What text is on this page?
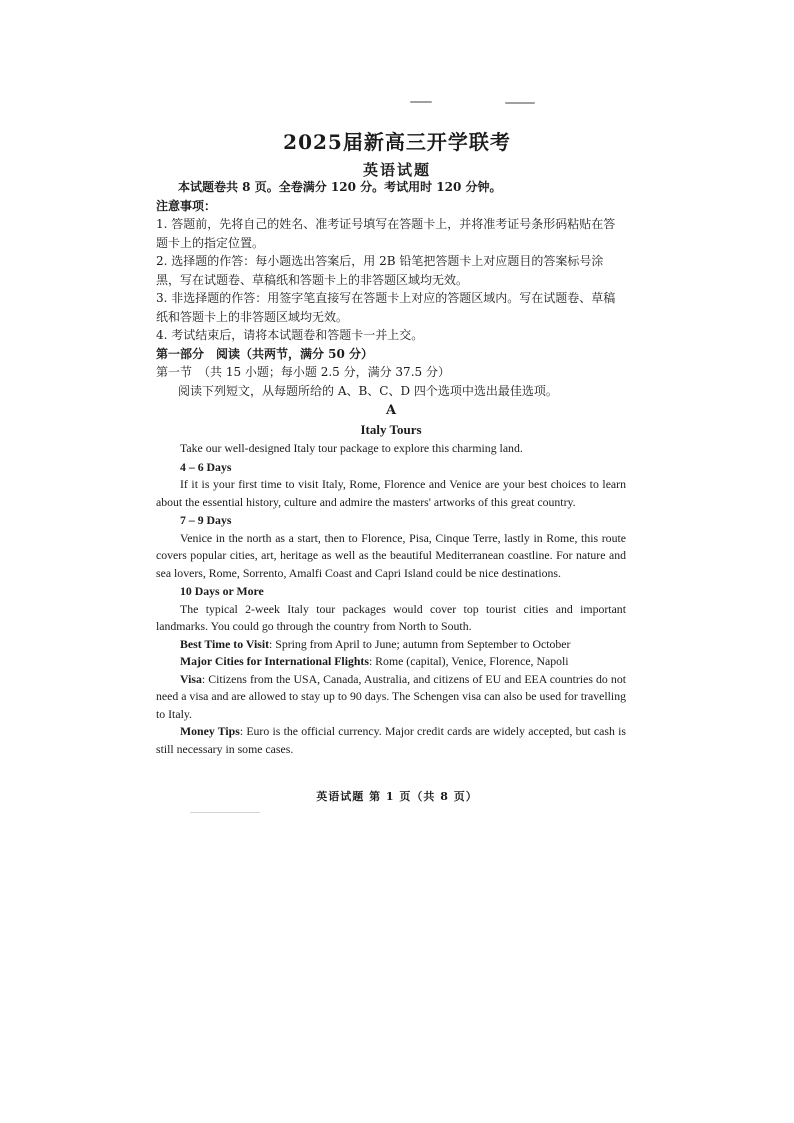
2025届新高三开学联考
英语试题
本试题卷共 8 页。全卷满分 120 分。考试用时 120 分钟。
注意事项：
1. 答题前，先将自己的姓名、准考证号填写在答题卡上，并将准考证号条形码粘贴在答题卡上的指定位置。
2. 选择题的作答：每小题选出答案后，用 2B 铅笔把答题卡上对应题目的答案标号涂黑，写在试题卷、草稿纸和答题卡上的非答题区域均无效。
3. 非选择题的作答：用签字笔直接写在答题卡上对应的答题区域内。写在试题卷、草稿纸和答题卡上的非答题区域均无效。
4. 考试结束后，请将本试题卷和答题卡一并上交。
第一部分　阅读（共两节，满分 50 分）
第一节　（共 15 小题；每小题 2.5 分，满分 37.5 分）
阅读下列短文，从每题所给的 A、B、C、D 四个选项中选出最佳选项。
A
Italy Tours

Take our well-designed Italy tour package to explore this charming land.

4 – 6 Days

If it is your first time to visit Italy, Rome, Florence and Venice are your best choices to learn about the essential history, culture and admire the masters' artworks of this great country.

7 – 9 Days

Venice in the north as a start, then to Florence, Pisa, Cinque Terre, lastly in Rome, this route covers popular cities, art, heritage as well as the beautiful Mediterranean coastline. For nature and sea lovers, Rome, Sorrento, Amalfi Coast and Capri Island could be nice destinations.

10 Days or More

The typical 2-week Italy tour packages would cover top tourist cities and important landmarks. You could go through the country from North to South.

Best Time to Visit: Spring from April to June; autumn from September to October

Major Cities for International Flights: Rome (capital), Venice, Florence, Napoli

Visa: Citizens from the USA, Canada, Australia, and citizens of EU and EEA countries do not need a visa and are allowed to stay up to 90 days. The Schengen visa can also be used for travelling to Italy.

Money Tips: Euro is the official currency. Major credit cards are widely accepted, but cash is still necessary in some cases.

英语试题 第 1 页（共 8 页）
